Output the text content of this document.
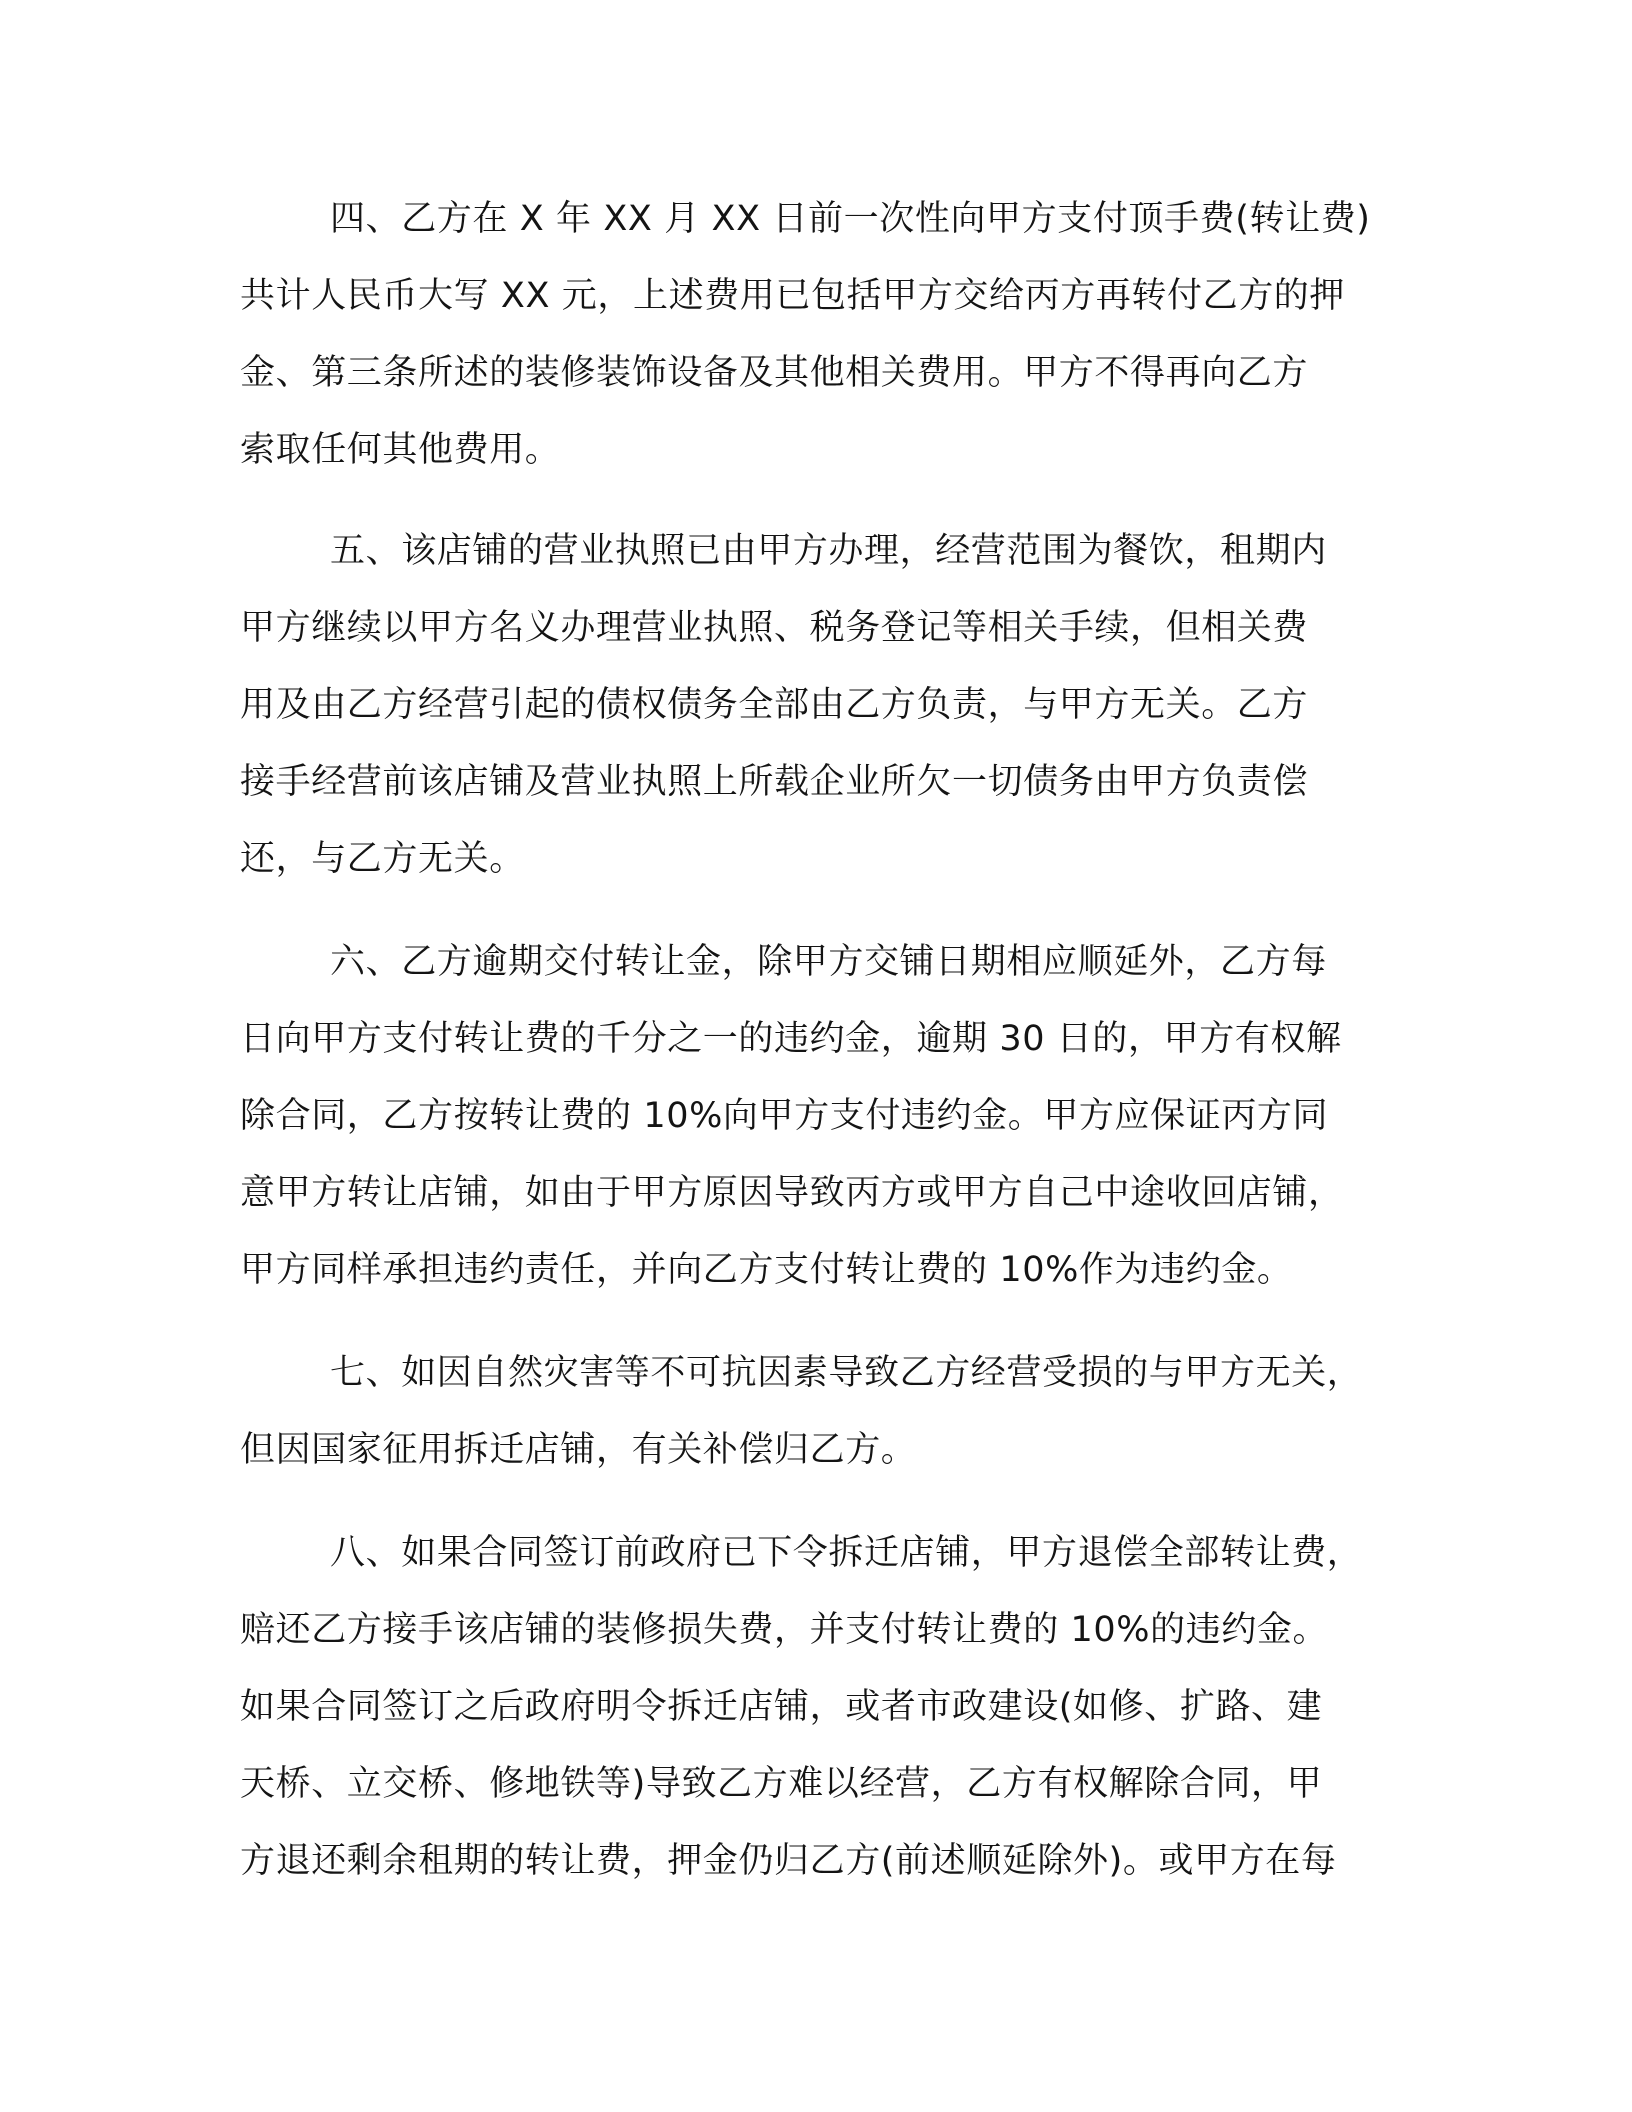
四、乙方在 X 年 XX 月 XX 日前一次性向甲方支付顶手费(转让费)

共计人民币大写 XX 元，上述费用已包括甲方交给丙方再转付乙方的押

金、第三条所述的装修装饰设备及其他相关费用。甲方不得再向乙方

索取任何其他费用。

五、该店铺的营业执照已由甲方办理，经营范围为餐饮，租期内

甲方继续以甲方名义办理营业执照、税务登记等相关手续，但相关费

用及由乙方经营引起的债权债务全部由乙方负责，与甲方无关。乙方

接手经营前该店铺及营业执照上所载企业所欠一切债务由甲方负责偿

还，与乙方无关。

六、乙方逾期交付转让金，除甲方交铺日期相应顺延外，乙方每

日向甲方支付转让费的千分之一的违约金，逾期 30 日的，甲方有权解

除合同，乙方按转让费的 10%向甲方支付违约金。甲方应保证丙方同

意甲方转让店铺，如由于甲方原因导致丙方或甲方自己中途收回店铺，

甲方同样承担违约责任，并向乙方支付转让费的 10%作为违约金。

七、如因自然灾害等不可抗因素导致乙方经营受损的与甲方无关，

但因国家征用拆迁店铺，有关补偿归乙方。

八、如果合同签订前政府已下令拆迁店铺，甲方退偿全部转让费，

赔还乙方接手该店铺的装修损失费，并支付转让费的 10%的违约金。

如果合同签订之后政府明令拆迁店铺，或者市政建设(如修、扩路、建

天桥、立交桥、修地铁等)导致乙方难以经营，乙方有权解除合同，甲

方退还剩余租期的转让费，押金仍归乙方(前述顺延除外)。或甲方在每
